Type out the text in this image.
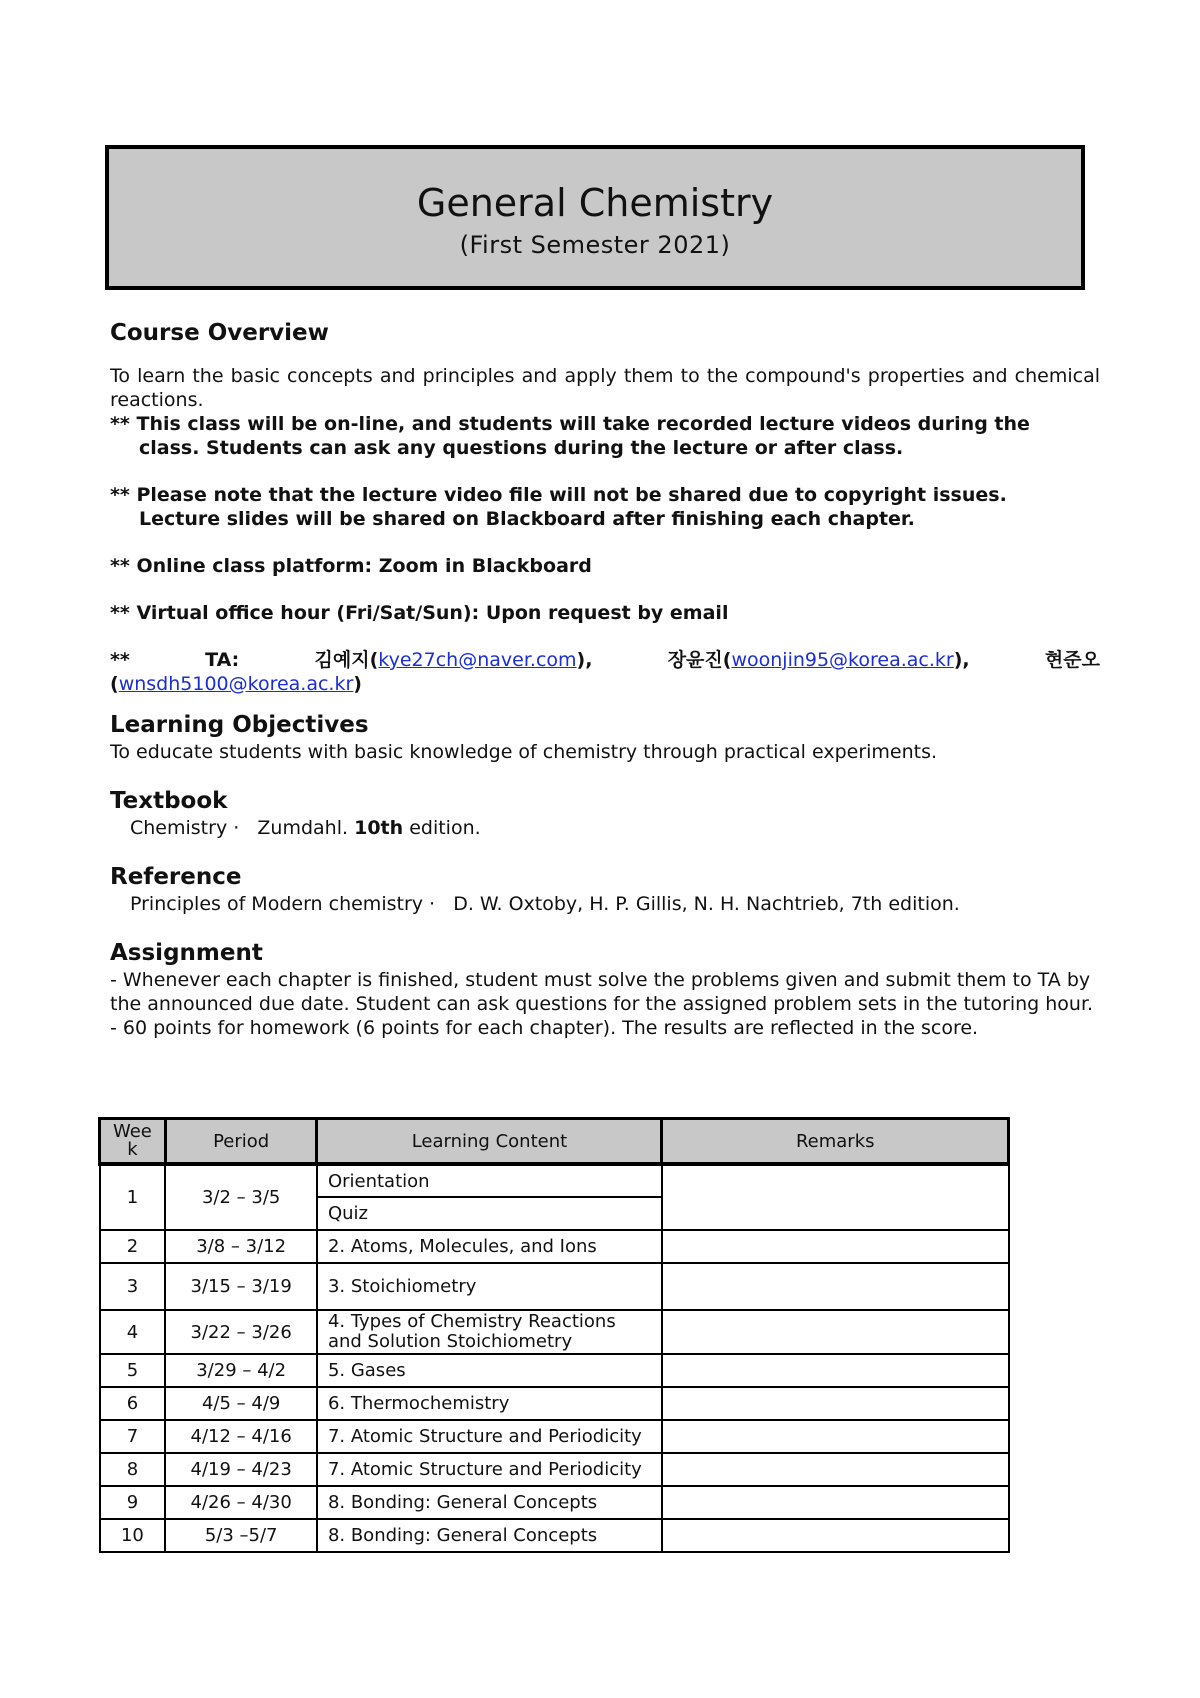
General Chemistry
(First Semester 2021)
Course Overview

To learn the basic concepts and principles and apply them to the compound's properties and chemical reactions.

** This class will be on-line, and students will take recorded lecture videos during the

class. Students can ask any questions during the lecture or after class.

** Please note that the lecture video file will not be shared due to copyright issues.

Lecture slides will be shared on Blackboard after finishing each chapter.

** Online class platform: Zoom in Blackboard

** Virtual office hour (Fri/Sat/Sun): Upon request by email

**	TA:	김예지(kye27ch@naver.com),	장윤진(woonjin95@korea.ac.kr),	현준오

(wnsdh5100@korea.ac.kr)

Learning Objectives

To educate students with basic knowledge of chemistry through practical experiments.

Textbook

Chemistry · Zumdahl. 10th edition.

Reference

Principles of Modern chemistry · D. W. Oxtoby, H. P. Gillis, N. H. Nachtrieb, 7th edition.

Assignment

- Whenever each chapter is finished, student must solve the problems given and submit them to TA by the announced due date. Student can ask questions for the assigned problem sets in the tutoring hour.

- 60 points for homework (6 points for each chapter). The results are reflected in the score.

Wee
k	Period	Learning Content	Remarks
1	3/2 – 3/5	Orientation	
		Quiz	
2	3/8 – 3/12	2. Atoms, Molecules, and Ions	
3	3/15 – 3/19	3. Stoichiometry	
4	3/22 – 3/26	4. Types of Chemistry Reactions
and Solution Stoichiometry	
5	3/29 – 4/2	5. Gases	
6	4/5 – 4/9	6. Thermochemistry	
7	4/12 – 4/16	7. Atomic Structure and Periodicity	
8	4/19 – 4/23	7. Atomic Structure and Periodicity	
9	4/26 – 4/30	8. Bonding: General Concepts	
10	5/3 –5/7	8. Bonding: General Concepts	
